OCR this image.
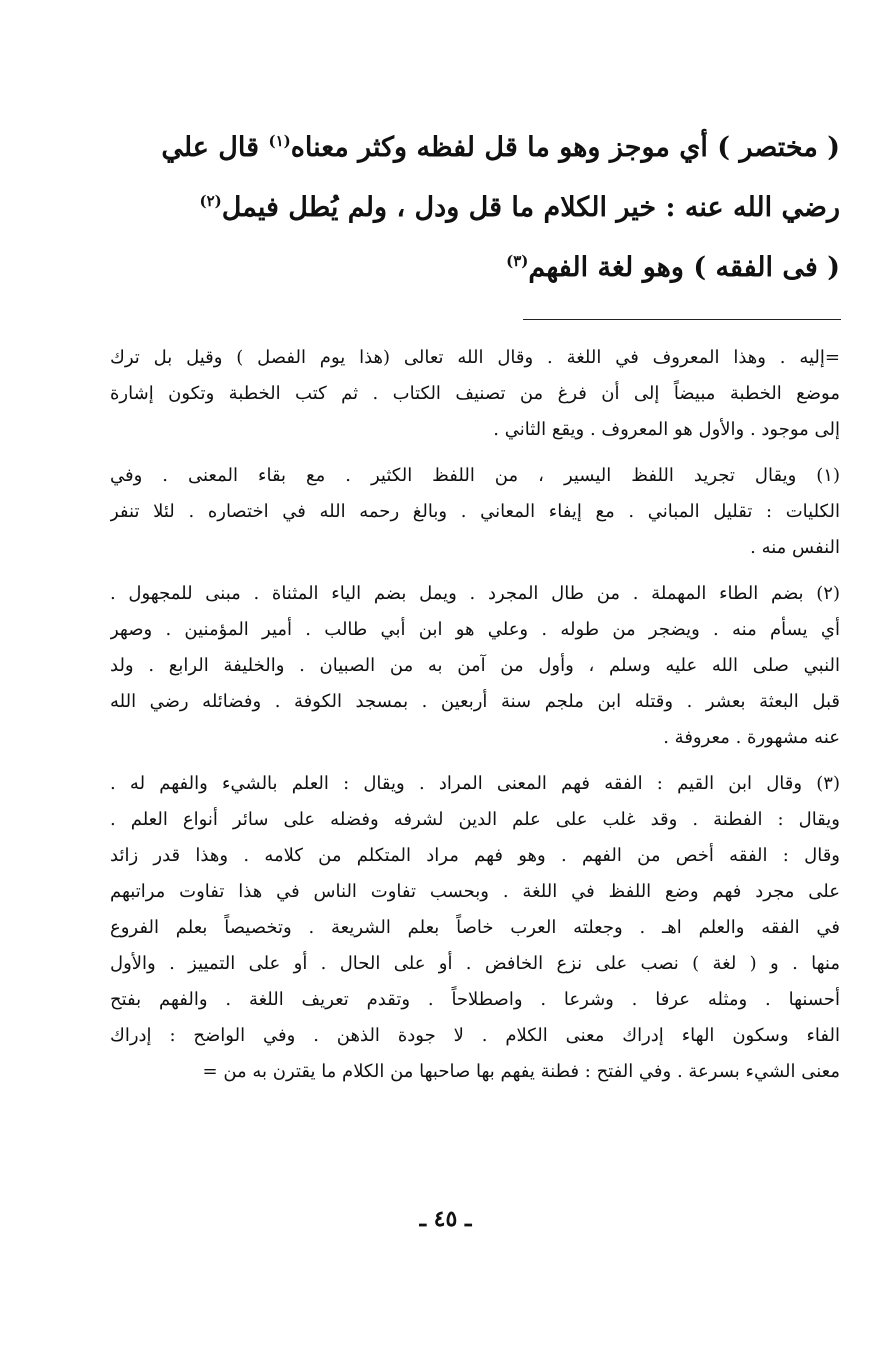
( مختصر ) أي موجز وهو ما قل لفظه وكثر معناه$^{(١)}$ قال علي

رضي الله عنه : خير الكلام ما قل ودل ، ولم يُطل فيمل$^{(٢)}$

( فى الفقه ) وهو لغة الفهم$^{(٣)}$

=إليه . وهذا المعروف في اللغة . وقال الله تعالى (هذا يوم الفصل ) وقيل بل ترك
موضع الخطبة مبيضاً إلى أن فرغ من تصنيف الكتاب . ثم كتب الخطبة وتكون إشارة
إلى موجود . والأول هو المعروف . ويقع الثاني .
(١) ويقال تجريد اللفظ اليسير ، من اللفظ الكثير . مع بقاء المعنى . وفي
الكليات : تقليل المباني . مع إيفاء المعاني . وبالغ رحمه الله في اختصاره . لئلا تنفر
النفس منه .
(٢) بضم الطاء المهملة . من طال المجرد . ويمل بضم الياء المثناة . مبنى للمجهول .
أي يسأم منه . ويضجر من طوله . وعلي هو ابن أبي طالب . أمير المؤمنين . وصهر
النبي صلى الله عليه وسلم ، وأول من آمن به من الصبيان . والخليفة الرابع . ولد
قبل البعثة بعشر . وقتله ابن ملجم سنة أربعين . بمسجد الكوفة . وفضائله رضي الله
عنه مشهورة . معروفة .
(٣) وقال ابن القيم : الفقه فهم المعنى المراد . ويقال : العلم بالشيء والفهم له .
ويقال : الفطنة . وقد غلب على علم الدين لشرفه وفضله على سائر أنواع العلم .
وقال : الفقه أخص من الفهم . وهو فهم مراد المتكلم من كلامه . وهذا قدر زائد
على مجرد فهم وضع اللفظ في اللغة . وبحسب تفاوت الناس في هذا تفاوت مراتبهم
في الفقه والعلم اهـ . وجعلته العرب خاصاً بعلم الشريعة . وتخصيصاً بعلم الفروع
منها . و ( لغة ) نصب على نزع الخافض . أو على الحال . أو على التمييز . والأول
أحسنها . ومثله عرفا . وشرعا . واصطلاحاً . وتقدم تعريف اللغة . والفهم بفتح
الفاء وسكون الهاء إدراك معنى الكلام . لا جودة الذهن . وفي الواضح : إدراك
معنى الشيء بسرعة . وفي الفتح : فطنة يفهم بها صاحبها من الكلام ما يقترن به من =
ـ ٤٥ ـ
